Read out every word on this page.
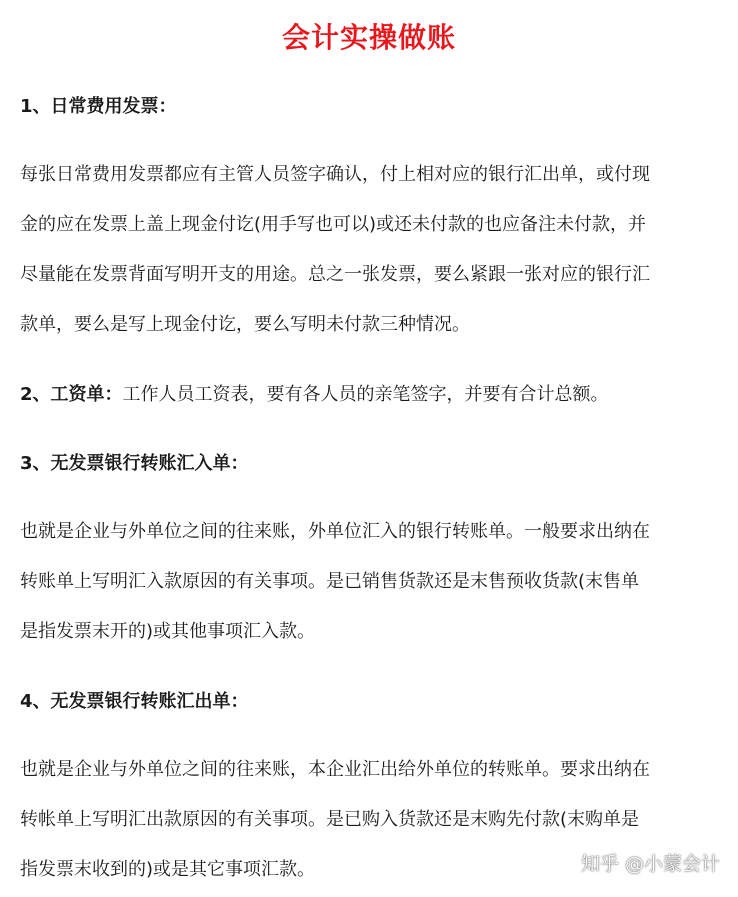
会计实操做账
1、日常费用发票：
每张日常费用发票都应有主管人员签字确认，付上相对应的银行汇出单，或付现
金的应在发票上盖上现金付讫(用手写也可以)或还未付款的也应备注未付款，并
尽量能在发票背面写明开支的用途。总之一张发票，要么紧跟一张对应的银行汇
款单，要么是写上现金付讫，要么写明未付款三种情况。
2、工资单：工作人员工资表，要有各人员的亲笔签字，并要有合计总额。
3、无发票银行转账汇入单：
也就是企业与外单位之间的往来账，外单位汇入的银行转账单。一般要求出纳在
转账单上写明汇入款原因的有关事项。是已销售货款还是末售预收货款(末售单
是指发票末开的)或其他事项汇入款。
4、无发票银行转账汇出单：
也就是企业与外单位之间的往来账，本企业汇出给外单位的转账单。要求出纳在
转帐单上写明汇出款原因的有关事项。是已购入货款还是末购先付款(末购单是
指发票末收到的)或是其它事项汇款。	知乎 @小蒙会计
